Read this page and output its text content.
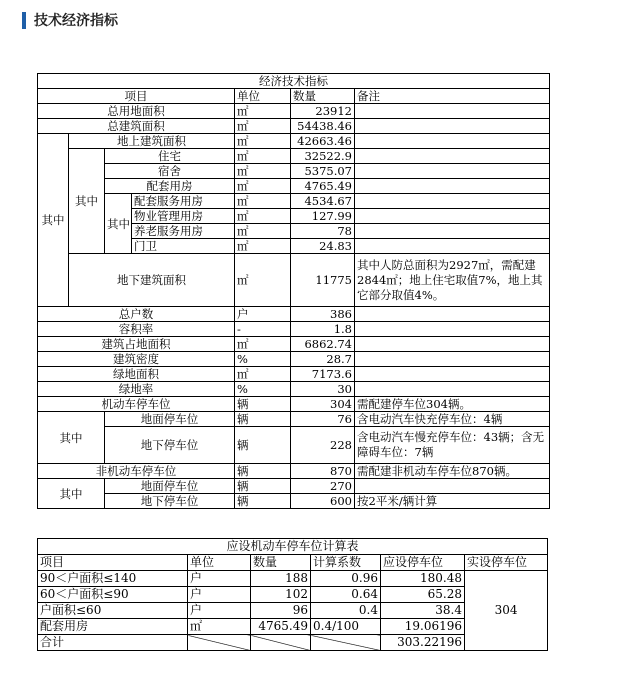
技术经济指标
经济技术指标						
项目				单位	数量	备注
总用地面积				㎡	23912	
总建筑面积				㎡	54438.46	
其中	地上建筑面积			㎡	42663.46	
	其中	住宅		㎡	32522.9	
		宿舍		㎡	5375.07	
		配套用房		㎡	4765.49	
		其中	配套服务用房	㎡	4534.67	
			物业管理用房	㎡	127.99	
			养老服务用房	㎡	78	
			门卫	㎡	24.83	
	地下建筑面积			㎡	11775	其中人防总面积为2927㎡，需配建2844㎡；地上住宅取值7%，地上其它部分取值4%。
总户数				户	386	
容积率				-	1.8	
建筑占地面积				㎡	6862.74	
建筑密度				%	28.7	
绿地面积				㎡	7173.6	
绿地率				%	30	
机动车停车位				辆	304	需配建停车位304辆。
其中		地面停车位		辆	76	含电动汽车快充停车位：4辆
		地下停车位		辆	228	含电动汽车慢充停车位：43辆；含无障碍车位：7辆
非机动车停车位				辆	870	需配建非机动车停车位870辆。
其中		地面停车位		辆	270	
		地下停车位		辆	600	按2平米/辆计算
应设机动车停车位计算表					
项目	单位	数量	计算系数	应设停车位	实设停车位
90＜户面积≤140	户	188	0.96	180.48	304
60＜户面积≤90	户	102	0.64	65.28	
户面积≤60	户	96	0.4	38.4	
配套用房	㎡	4765.49	0.4/100	19.06196	
合计				303.22196	
